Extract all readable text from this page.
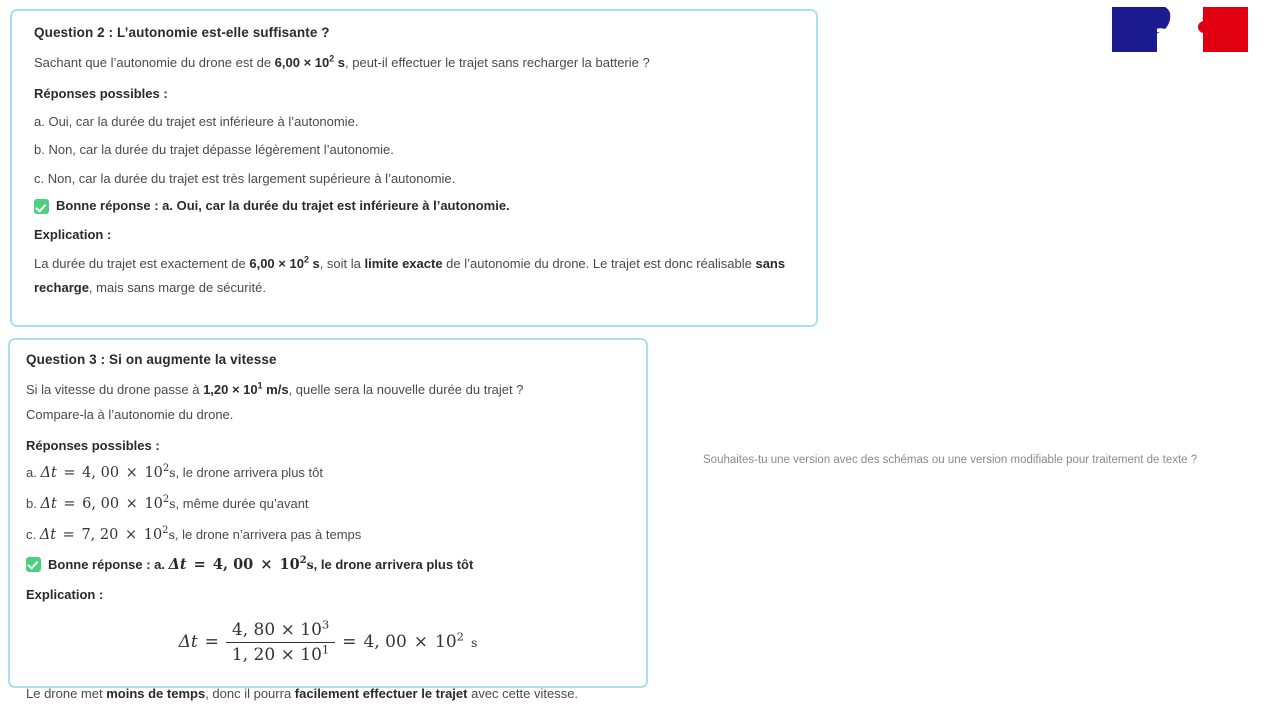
Question 2 : L’autonomie est-elle suffisante ?

Sachant que l’autonomie du drone est de $6,00 \times 10^2$ s, peut-il effectuer le trajet sans recharger la batterie ?

Réponses possibles :

a. Oui, car la durée du trajet est inférieure à l’autonomie.

b. Non, car la durée du trajet dépasse légèrement l’autonomie.

c. Non, car la durée du trajet est très largement supérieure à l’autonomie.

Bonne réponse : a. Oui, car la durée du trajet est inférieure à l’autonomie.

Explication :

La durée du trajet est exactement de $6,00 \times 10^2$ s, soit la limite exacte de l’autonomie du drone. Le trajet est donc réalisable sans recharge, mais sans marge de sécurité.

Question 3 : Si on augmente la vitesse

Si la vitesse du drone passe à $1,20 \times 10^1$ m/s, quelle sera la nouvelle durée du trajet ?

Compare-la à l’autonomie du drone.

Réponses possibles :

a. Δt = 4, $00 \times 10^2s$, le drone arrivera plus tôt

b. Δt = 6, $00 \times 10^2s$, même durée qu’avant

c. Δt = 7, $20 \times 10^2s$, le drone n’arrivera pas à temps

Bonne réponse : a. Δt = 4, $00 \times 10^2s$, le drone arrivera plus tôt

Explication :

$\Delta t = \frac{4, 80 \times 10^3}{1, 20 \times 10^1} = 4$, $00 \times 10^2$ s

Le drone met moins de temps, donc il pourra facilement effectuer le trajet avec cette vitesse.

Souhaites-tu une version avec des schémas ou une version modifiable pour traitement de texte ?
